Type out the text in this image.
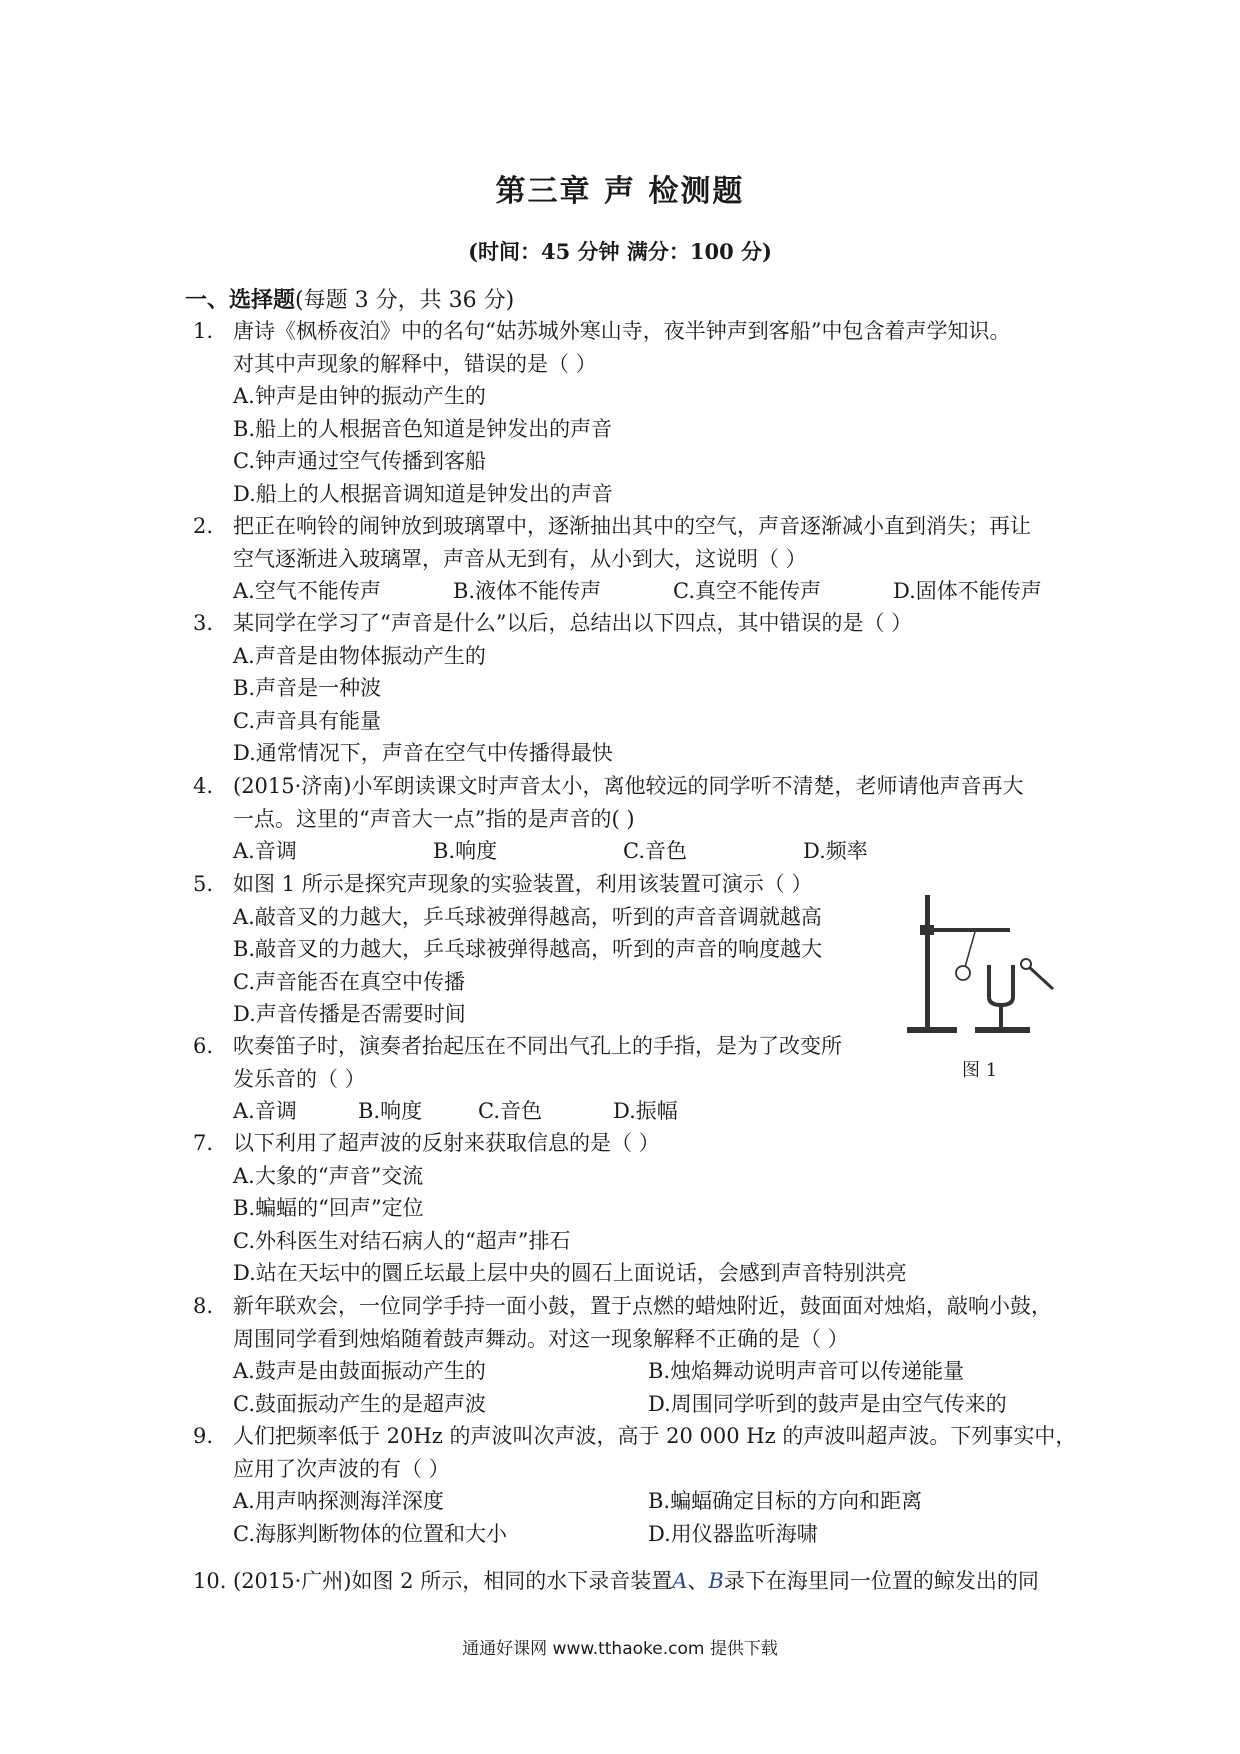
第三章 声 检测题
(时间：45 分钟 满分：100 分)
一、选择题(每题 3 分，共 36 分)
1. 唐诗《枫桥夜泊》中的名句“姑苏城外寒山寺，夜半钟声到客船”中包含着声学知识。
对其中声现象的解释中，错误的是（ ）
A.钟声是由钟的振动产生的
B.船上的人根据音色知道是钟发出的声音
C.钟声通过空气传播到客船
D.船上的人根据音调知道是钟发出的声音
2. 把正在响铃的闹钟放到玻璃罩中，逐渐抽出其中的空气，声音逐渐减小直到消失；再让
空气逐渐进入玻璃罩，声音从无到有，从小到大，这说明（ ）
A.空气不能传声	B.液体不能传声	C.真空不能传声	D.固体不能传声
3. 某同学在学习了“声音是什么”以后，总结出以下四点，其中错误的是（ ）
A.声音是由物体振动产生的
B.声音是一种波
C.声音具有能量
D.通常情况下，声音在空气中传播得最快
4. (2015·济南)小军朗读课文时声音太小，离他较远的同学听不清楚，老师请他声音再大
一点。这里的“声音大一点”指的是声音的( )
A.音调	B.响度	C.音色	D.频率
5. 如图 1 所示是探究声现象的实验装置，利用该装置可演示（ ）
A.敲音叉的力越大，乒乓球被弹得越高，听到的声音音调就越高
B.敲音叉的力越大，乒乓球被弹得越高，听到的声音的响度越大
C.声音能否在真空中传播
D.声音传播是否需要时间
6. 吹奏笛子时，演奏者抬起压在不同出气孔上的手指，是为了改变所
发乐音的（ ）
A.音调	B.响度	C.音色	D.振幅
图 1
7. 以下利用了超声波的反射来获取信息的是（ ）
A.大象的“声音”交流
B.蝙蝠的“回声”定位
C.外科医生对结石病人的“超声”排石
D.站在天坛中的圜丘坛最上层中央的圆石上面说话，会感到声音特别洪亮
8. 新年联欢会，一位同学手持一面小鼓，置于点燃的蜡烛附近，鼓面面对烛焰，敲响小鼓，
周围同学看到烛焰随着鼓声舞动。对这一现象解释不正确的是（ ）
A.鼓声是由鼓面振动产生的	B.烛焰舞动说明声音可以传递能量
C.鼓面振动产生的是超声波	D.周围同学听到的鼓声是由空气传来的
9. 人们把频率低于 20Hz 的声波叫次声波，高于 20 000 Hz 的声波叫超声波。下列事实中，
应用了次声波的有（ ）
A.用声呐探测海洋深度	B.蝙蝠确定目标的方向和距离
C.海豚判断物体的位置和大小	D.用仪器监听海啸
10. (2015·广州)如图 2 所示，相同的水下录音装置A、B录下在海里同一位置的鲸发出的同
通通好课网 www.tthaoke.com 提供下载
